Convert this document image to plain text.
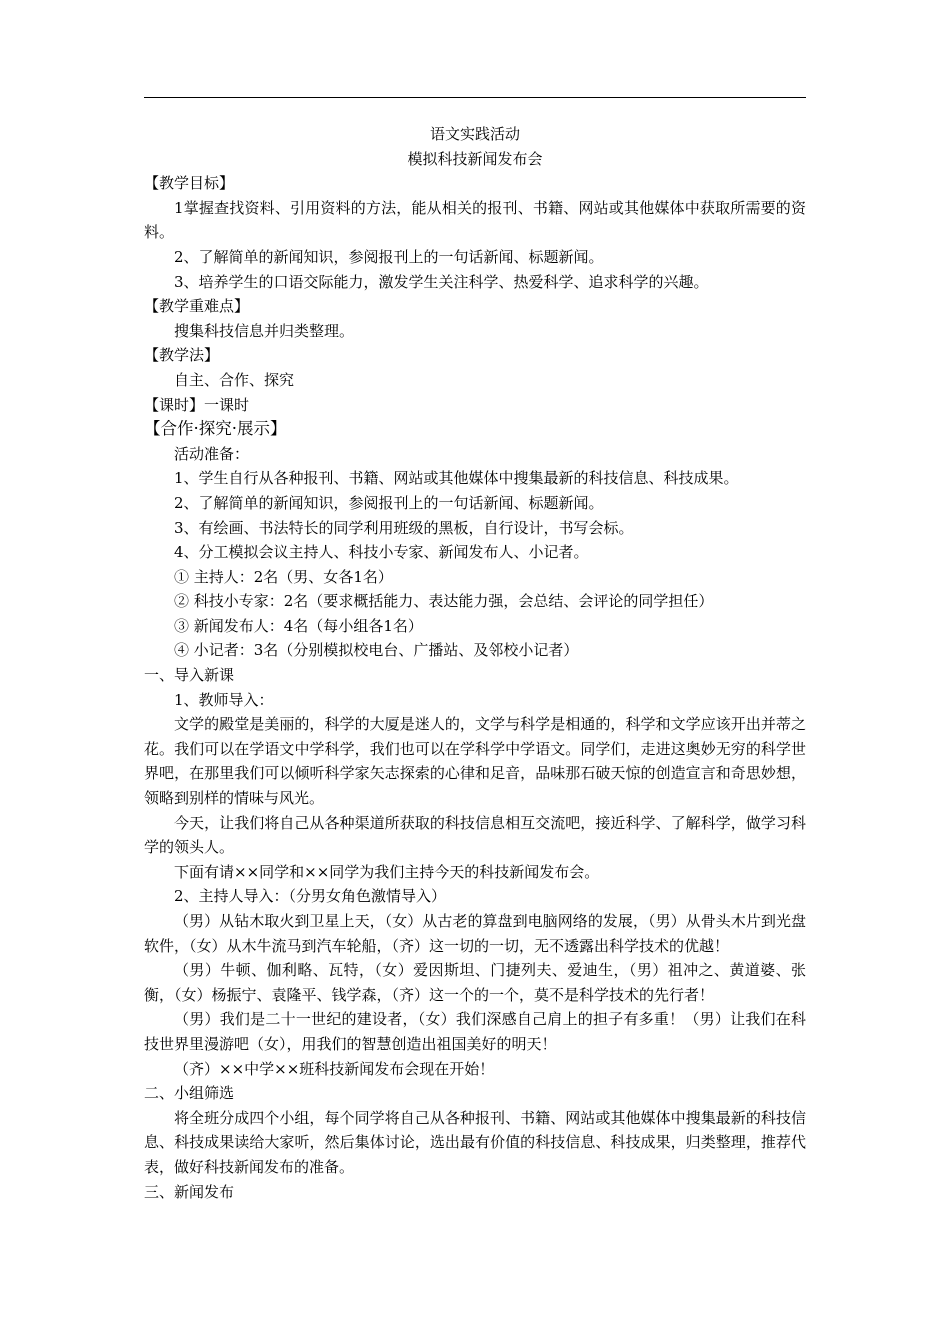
语文实践活动

模拟科技新闻发布会

【教学目标】

1掌握查找资料、引用资料的方法，能从相关的报刊、书籍、网站或其他媒体中获取所需要的资料。

2、了解简单的新闻知识，参阅报刊上的一句话新闻、标题新闻。

3、培养学生的口语交际能力，激发学生关注科学、热爱科学、追求科学的兴趣。

【教学重难点】

搜集科技信息并归类整理。

【教学法】

自主、合作、探究

【课时】一课时

【合作·探究·展示】

活动准备：

1、学生自行从各种报刊、书籍、网站或其他媒体中搜集最新的科技信息、科技成果。

2、了解简单的新闻知识，参阅报刊上的一句话新闻、标题新闻。

3、有绘画、书法特长的同学利用班级的黑板，自行设计，书写会标。

4、分工模拟会议主持人、科技小专家、新闻发布人、小记者。

① 主持人：2名（男、女各1名）

② 科技小专家：2名（要求概括能力、表达能力强，会总结、会评论的同学担任）

③ 新闻发布人：4名（每小组各1名）

④ 小记者：3名（分别模拟校电台、广播站、及邻校小记者）

一、导入新课

1、教师导入：

文学的殿堂是美丽的，科学的大厦是迷人的，文学与科学是相通的，科学和文学应该开出并蒂之花。我们可以在学语文中学科学，我们也可以在学科学中学语文。同学们，走进这奥妙无穷的科学世界吧，在那里我们可以倾听科学家矢志探索的心律和足音，品味那石破天惊的创造宣言和奇思妙想，领略到别样的情味与风光。

今天，让我们将自己从各种渠道所获取的科技信息相互交流吧，接近科学、了解科学，做学习科学的领头人。

下面有请××同学和××同学为我们主持今天的科技新闻发布会。

2、主持人导入：（分男女角色激情导入）

（男）从钻木取火到卫星上天，（女）从古老的算盘到电脑网络的发展，（男）从骨头木片到光盘软件，（女）从木牛流马到汽车轮船，（齐）这一切的一切，无不透露出科学技术的优越！

（男）牛顿、伽利略、瓦特，（女）爱因斯坦、门捷列夫、爱迪生，（男）祖冲之、黄道婆、张衡，（女）杨振宁、袁隆平、钱学森，（齐）这一个的一个，莫不是科学技术的先行者！

（男）我们是二十一世纪的建设者，（女）我们深感自己肩上的担子有多重！（男）让我们在科技世界里漫游吧（女），用我们的智慧创造出祖国美好的明天！

（齐）××中学××班科技新闻发布会现在开始！

二、小组筛选

将全班分成四个小组，每个同学将自己从各种报刊、书籍、网站或其他媒体中搜集最新的科技信息、科技成果读给大家听，然后集体讨论，选出最有价值的科技信息、科技成果，归类整理，推荐代表，做好科技新闻发布的准备。

三、新闻发布
